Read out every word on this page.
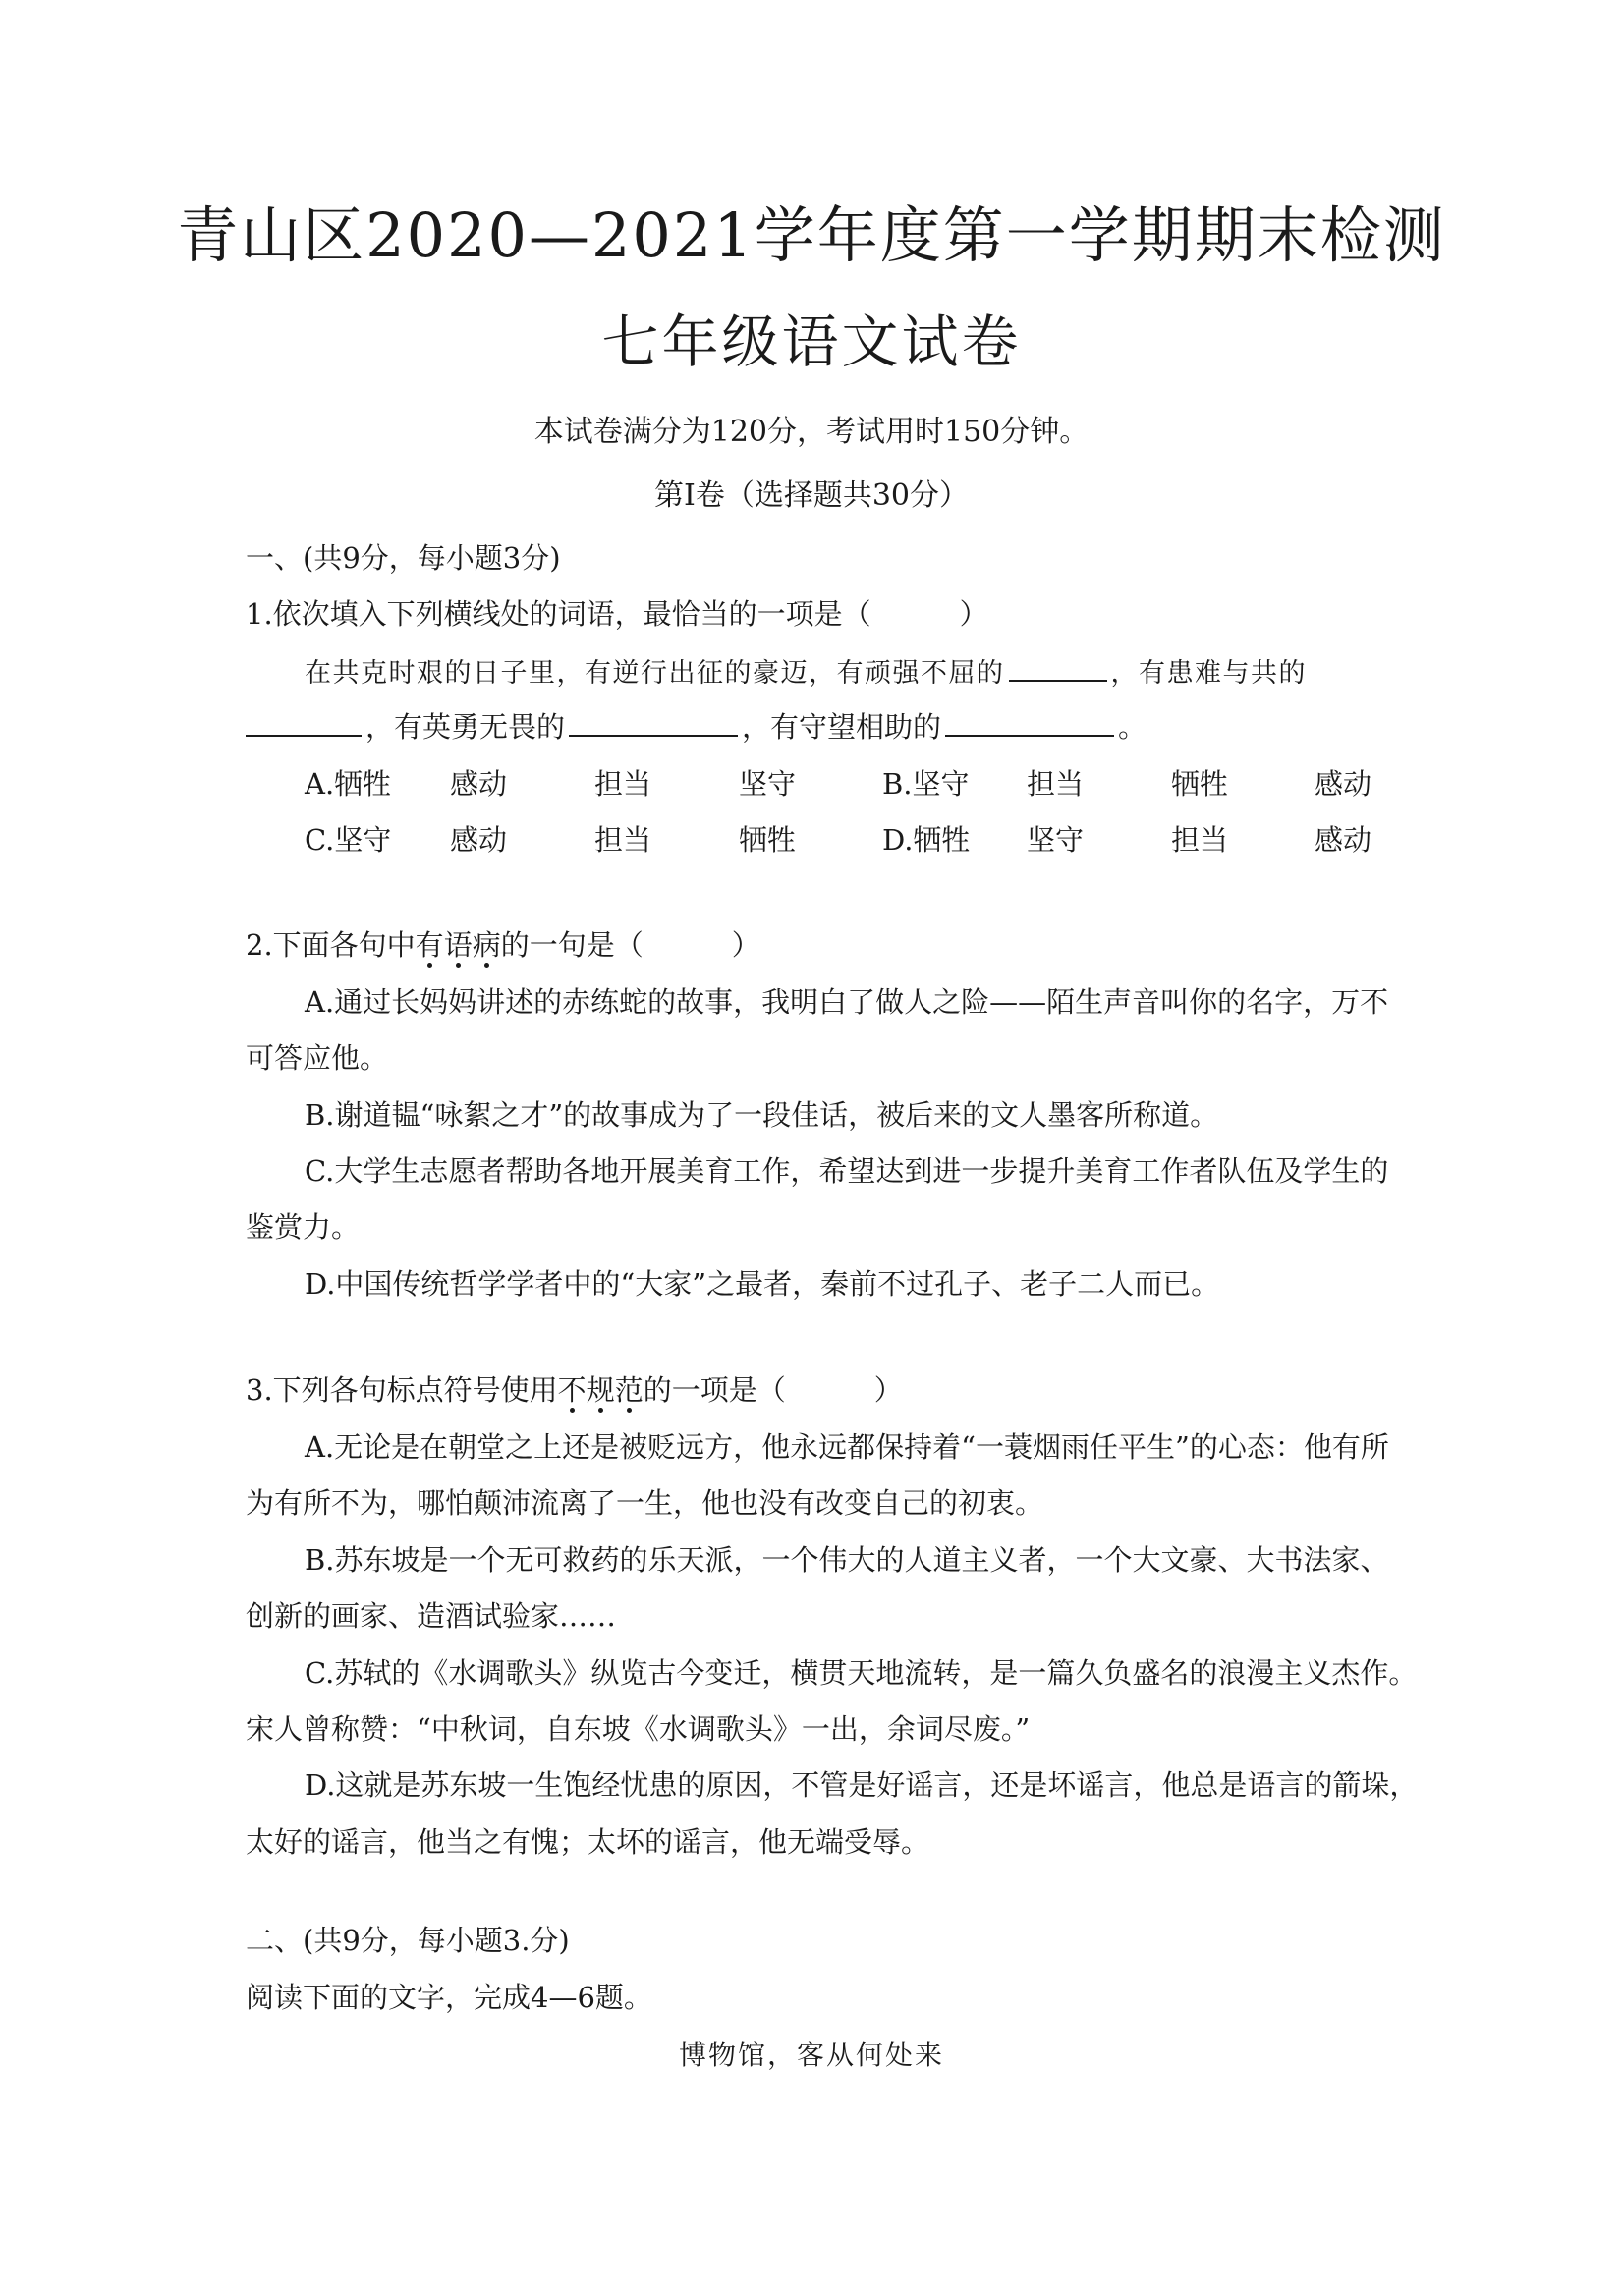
青山区2020—2021学年度第一学期期末检测
七年级语文试卷
本试卷满分为120分，考试用时150分钟。
第Ⅰ卷（选择题共30分）
一、(共9分，每小题3分)
1.依次填入下列横线处的词语，最恰当的一项是（	）
在共克时艰的日子里，有逆行出征的豪迈，有顽强不屈的	，有患难与共的
，有英勇无畏的	，有守望相助的	。
A.牺牲 感动	担当	坚守	B.坚守 担当	牺牲	感动
C.坚守 感动	担当	牺牲	D.牺牲 坚守	担当	感动
2.下面各句中有语病的一句是（	）
A.通过长妈妈讲述的赤练蛇的故事，我明白了做人之险——陌生声音叫你的名字，万不
可答应他。
B.谢道韫“咏絮之才”的故事成为了一段佳话，被后来的文人墨客所称道。
C.大学生志愿者帮助各地开展美育工作，希望达到进一步提升美育工作者队伍及学生的
鉴赏力。
D.中国传统哲学学者中的“大家”之最者，秦前不过孔子、老子二人而已。
3.下列各句标点符号使用不规范的一项是（	）
A.无论是在朝堂之上还是被贬远方，他永远都保持着“一蓑烟雨任平生”的心态：他有所
为有所不为，哪怕颠沛流离了一生，他也没有改变自己的初衷。
B.苏东坡是一个无可救药的乐天派，一个伟大的人道主义者，一个大文豪、大书法家、
创新的画家、造酒试验家……
C.苏轼的《水调歌头》纵览古今变迁，横贯天地流转，是一篇久负盛名的浪漫主义杰作。
宋人曾称赞：“中秋词，自东坡《水调歌头》一出，余词尽废。”
D.这就是苏东坡一生饱经忧患的原因，不管是好谣言，还是坏谣言，他总是语言的箭垛，
太好的谣言，他当之有愧；太坏的谣言，他无端受辱。
二、(共9分，每小题3.分)
阅读下面的文字，完成4—6题。
博物馆，客从何处来
